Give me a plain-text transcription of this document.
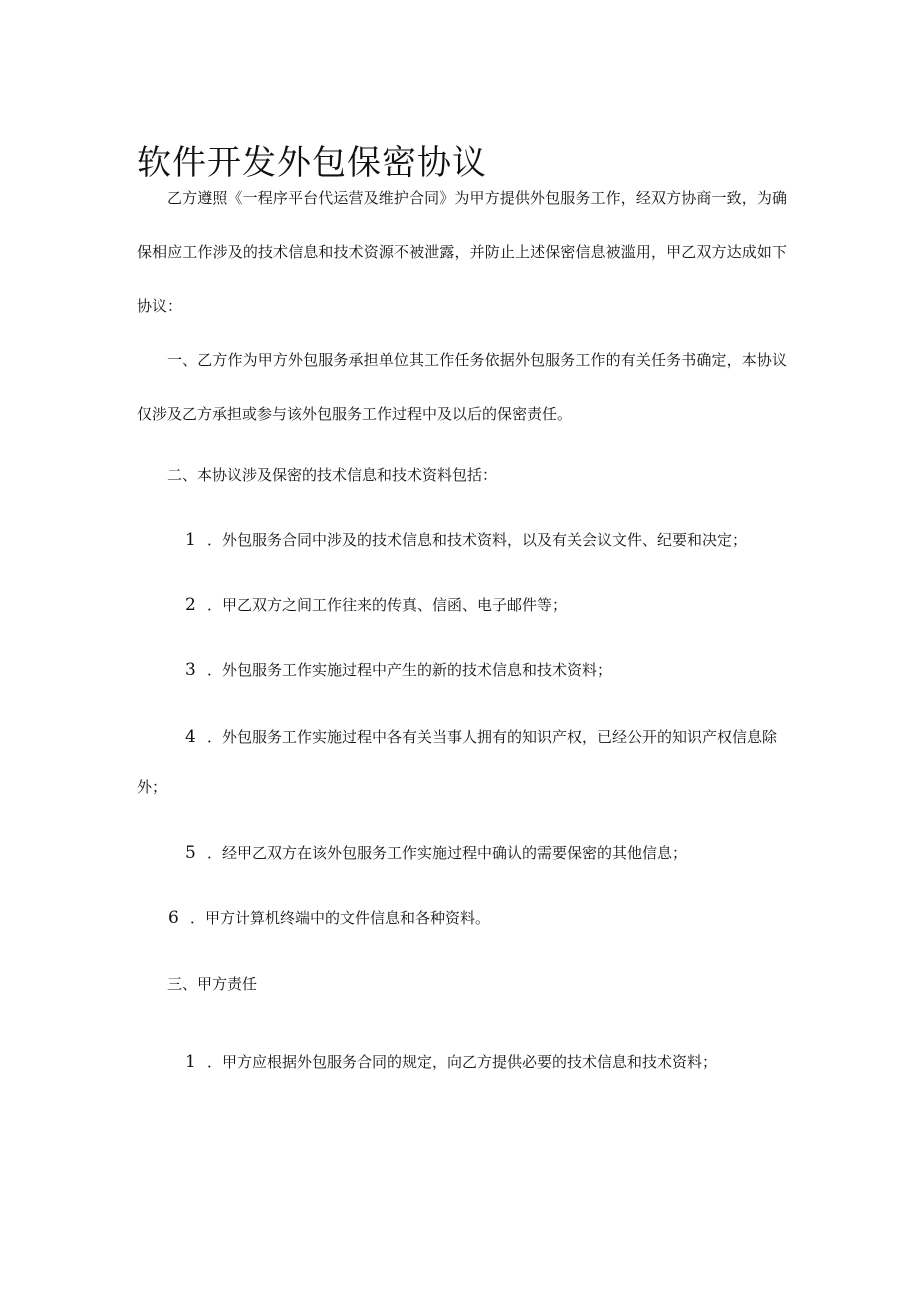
软件开发外包保密协议

乙方遵照《一程序平台代运营及维护合同》为甲方提供外包服务工作，经双方协商一致，为确保相应工作涉及的技术信息和技术资源不被泄露，并防止上述保密信息被滥用，甲乙双方达成如下协议：

一、乙方作为甲方外包服务承担单位其工作任务依据外包服务工作的有关任务书确定，本协议仅涉及乙方承担或参与该外包服务工作过程中及以后的保密责任。

二、本协议涉及保密的技术信息和技术资料包括：

1 ．外包服务合同中涉及的技术信息和技术资料，以及有关会议文件、纪要和决定；

2 ．甲乙双方之间工作往来的传真、信函、电子邮件等；

3 ．外包服务工作实施过程中产生的新的技术信息和技术资料；

4 ．外包服务工作实施过程中各有关当事人拥有的知识产权，已经公开的知识产权信息除

外；

5 ．经甲乙双方在该外包服务工作实施过程中确认的需要保密的其他信息；

6 ．甲方计算机终端中的文件信息和各种资料。

三、甲方责任

1 ．甲方应根据外包服务合同的规定，向乙方提供必要的技术信息和技术资料；
